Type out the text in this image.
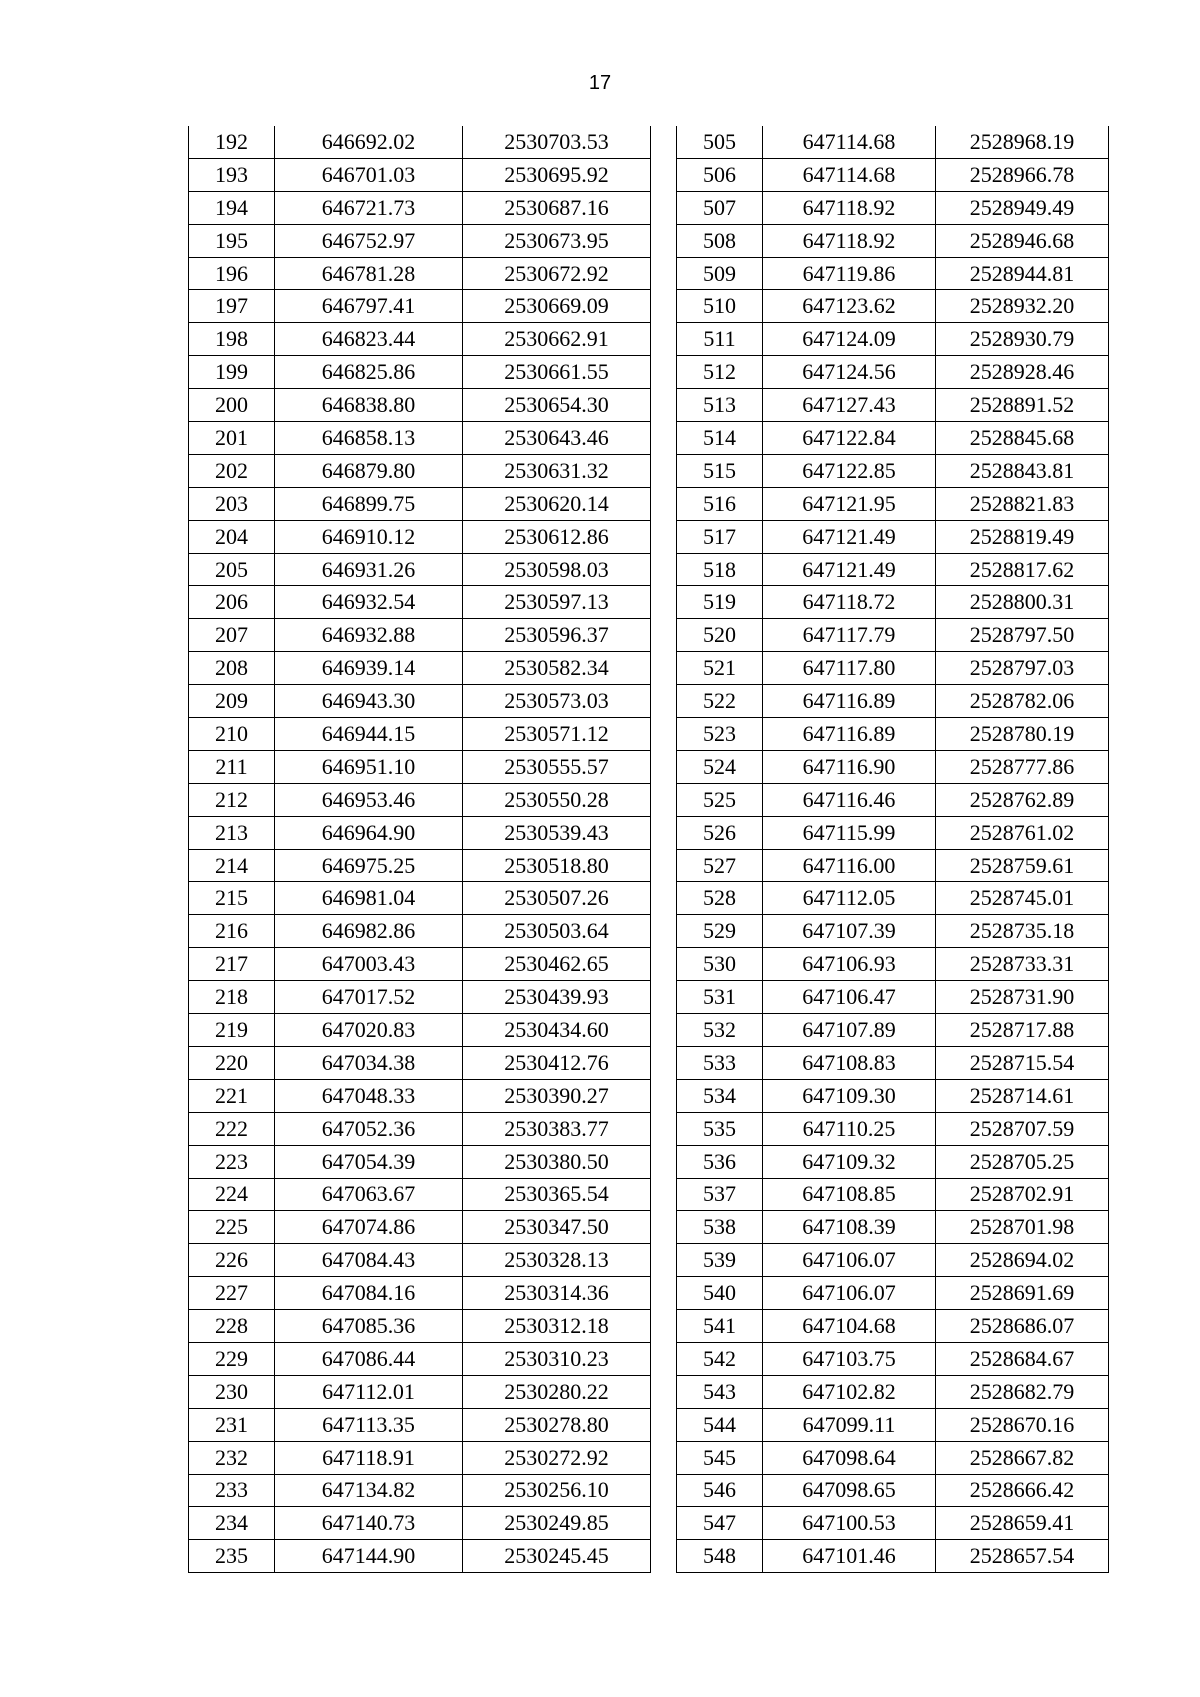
17
192	646692.02	2530703.53
193	646701.03	2530695.92
194	646721.73	2530687.16
195	646752.97	2530673.95
196	646781.28	2530672.92
197	646797.41	2530669.09
198	646823.44	2530662.91
199	646825.86	2530661.55
200	646838.80	2530654.30
201	646858.13	2530643.46
202	646879.80	2530631.32
203	646899.75	2530620.14
204	646910.12	2530612.86
205	646931.26	2530598.03
206	646932.54	2530597.13
207	646932.88	2530596.37
208	646939.14	2530582.34
209	646943.30	2530573.03
210	646944.15	2530571.12
211	646951.10	2530555.57
212	646953.46	2530550.28
213	646964.90	2530539.43
214	646975.25	2530518.80
215	646981.04	2530507.26
216	646982.86	2530503.64
217	647003.43	2530462.65
218	647017.52	2530439.93
219	647020.83	2530434.60
220	647034.38	2530412.76
221	647048.33	2530390.27
222	647052.36	2530383.77
223	647054.39	2530380.50
224	647063.67	2530365.54
225	647074.86	2530347.50
226	647084.43	2530328.13
227	647084.16	2530314.36
228	647085.36	2530312.18
229	647086.44	2530310.23
230	647112.01	2530280.22
231	647113.35	2530278.80
232	647118.91	2530272.92
233	647134.82	2530256.10
234	647140.73	2530249.85
235	647144.90	2530245.45
505	647114.68	2528968.19
506	647114.68	2528966.78
507	647118.92	2528949.49
508	647118.92	2528946.68
509	647119.86	2528944.81
510	647123.62	2528932.20
511	647124.09	2528930.79
512	647124.56	2528928.46
513	647127.43	2528891.52
514	647122.84	2528845.68
515	647122.85	2528843.81
516	647121.95	2528821.83
517	647121.49	2528819.49
518	647121.49	2528817.62
519	647118.72	2528800.31
520	647117.79	2528797.50
521	647117.80	2528797.03
522	647116.89	2528782.06
523	647116.89	2528780.19
524	647116.90	2528777.86
525	647116.46	2528762.89
526	647115.99	2528761.02
527	647116.00	2528759.61
528	647112.05	2528745.01
529	647107.39	2528735.18
530	647106.93	2528733.31
531	647106.47	2528731.90
532	647107.89	2528717.88
533	647108.83	2528715.54
534	647109.30	2528714.61
535	647110.25	2528707.59
536	647109.32	2528705.25
537	647108.85	2528702.91
538	647108.39	2528701.98
539	647106.07	2528694.02
540	647106.07	2528691.69
541	647104.68	2528686.07
542	647103.75	2528684.67
543	647102.82	2528682.79
544	647099.11	2528670.16
545	647098.64	2528667.82
546	647098.65	2528666.42
547	647100.53	2528659.41
548	647101.46	2528657.54
